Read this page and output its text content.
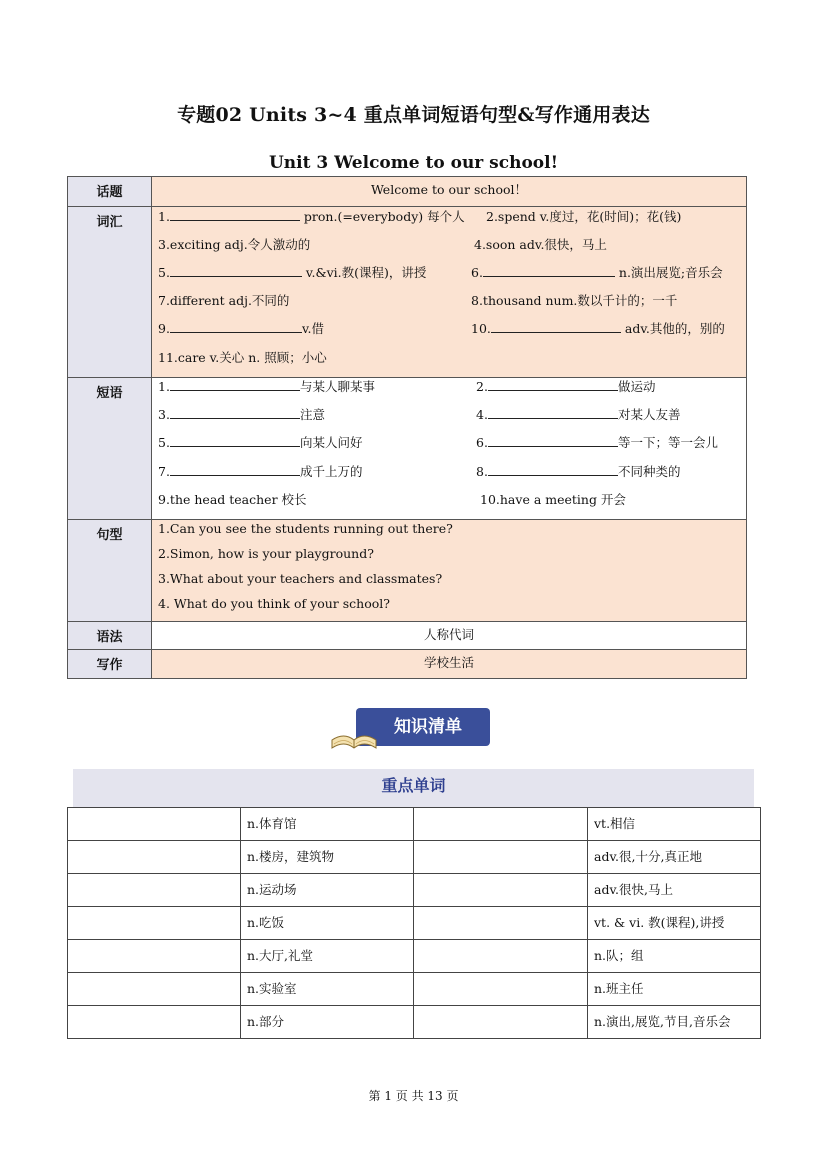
专题02 Units 3~4 重点单词短语句型&写作通用表达
Unit 3 Welcome to our school!
话题	Welcome to our school！
词汇	1.	pron.(=everybody) 每个人 2.spend v.度过，花(时间)；花(钱)
3.exciting adj.令人激动的	4.soon adv.很快，马上
5.	v.&vi.教(课程)，讲授	6.	n.演出展览;音乐会
7.different adj.不同的	8.thousand num.数以千计的；一千
9.	v.借	10.	adv.其他的，别的
11.care v.关心 n. 照顾；小心
短语	1.	与某人聊某事	2.	做运动
3.	注意	4.	对某人友善
5.	向某人问好	6.	等一下；等一会儿
7.	成千上万的	8.	不同种类的
9.the head teacher 校长	10.have a meeting 开会
句型	1.Can you see the students running out there?
2.Simon, how is your playground?
3.What about your teachers and classmates?
4. What do you think of your school?
语法	人称代词
写作	学校生活
知识清单
重点单词
	n.体育馆		vt.相信
	n.楼房，建筑物		adv.很,十分,真正地
	n.运动场		adv.很快,马上
	n.吃饭		vt. & vi. 教(课程),讲授
	n.大厅,礼堂		n.队；组
	n.实验室		n.班主任
	n.部分		n.演出,展览,节目,音乐会
第 1 页 共 13 页
